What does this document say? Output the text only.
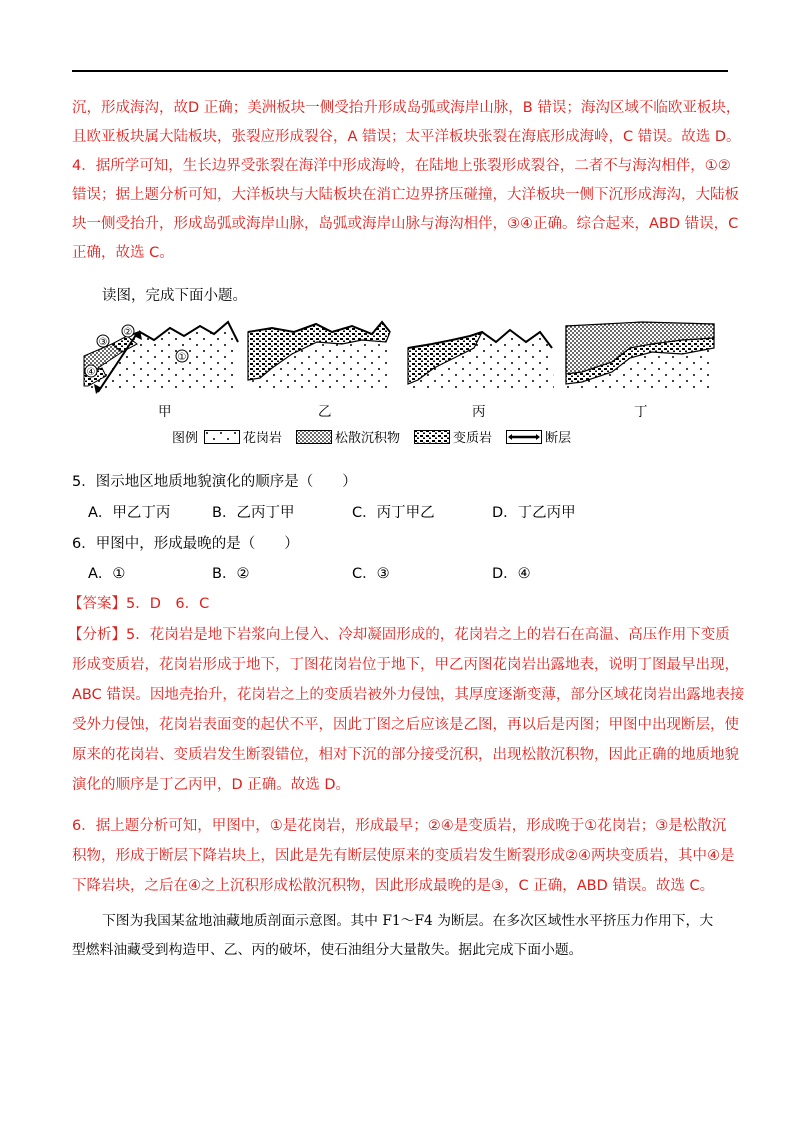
沉，形成海沟，故D 正确；美洲板块一侧受抬升形成岛弧或海岸山脉，B 错误；海沟区域不临欧亚板块，
且欧亚板块属大陆板块，张裂应形成裂谷，A 错误；太平洋板块张裂在海底形成海岭，C 错误。故选 D。
4．据所学可知，生长边界受张裂在海洋中形成海岭，在陆地上张裂形成裂谷，二者不与海沟相伴，①②
错误；据上题分析可知，大洋板块与大陆板块在消亡边界挤压碰撞，大洋板块一侧下沉形成海沟，大陆板
块一侧受抬升，形成岛弧或海岸山脉，岛弧或海岸山脉与海沟相伴，③④正确。综合起来，ABD 错误，C
正确，故选 C。
读图，完成下面小题。
③
②
①
④
甲	乙	丙	丁
图例	花岗岩	松散沉积物	变质岩	断层
5．图示地区地质地貌演化的顺序是（　　）
A．甲乙丁丙	B．乙丙丁甲	C．丙丁甲乙	D．丁乙丙甲
6．甲图中，形成最晚的是（　　）
A．①	B．②	C．③	D．④
【答案】5．D　6．C
【分析】5．花岗岩是地下岩浆向上侵入、冷却凝固形成的，花岗岩之上的岩石在高温、高压作用下变质
形成变质岩，花岗岩形成于地下，丁图花岗岩位于地下，甲乙丙图花岗岩出露地表，说明丁图最早出现，
ABC 错误。因地壳抬升，花岗岩之上的变质岩被外力侵蚀，其厚度逐渐变薄，部分区域花岗岩出露地表接
受外力侵蚀，花岗岩表面变的起伏不平，因此丁图之后应该是乙图，再以后是丙图；甲图中出现断层，使
原来的花岗岩、变质岩发生断裂错位，相对下沉的部分接受沉积，出现松散沉积物，因此正确的地质地貌
演化的顺序是丁乙丙甲，D 正确。故选 D。
6．据上题分析可知，甲图中，①是花岗岩，形成最早；②④是变质岩，形成晚于①花岗岩；③是松散沉
积物，形成于断层下降岩块上，因此是先有断层使原来的变质岩发生断裂形成②④两块变质岩，其中④是
下降岩块，之后在④之上沉积形成松散沉积物，因此形成最晚的是③，C 正确，ABD 错误。故选 C。
下图为我国某盆地油藏地质剖面示意图。其中 F1～F4 为断层。在多次区域性水平挤压力作用下，大
型燃料油藏受到构造甲、乙、丙的破坏，使石油组分大量散失。据此完成下面小题。
